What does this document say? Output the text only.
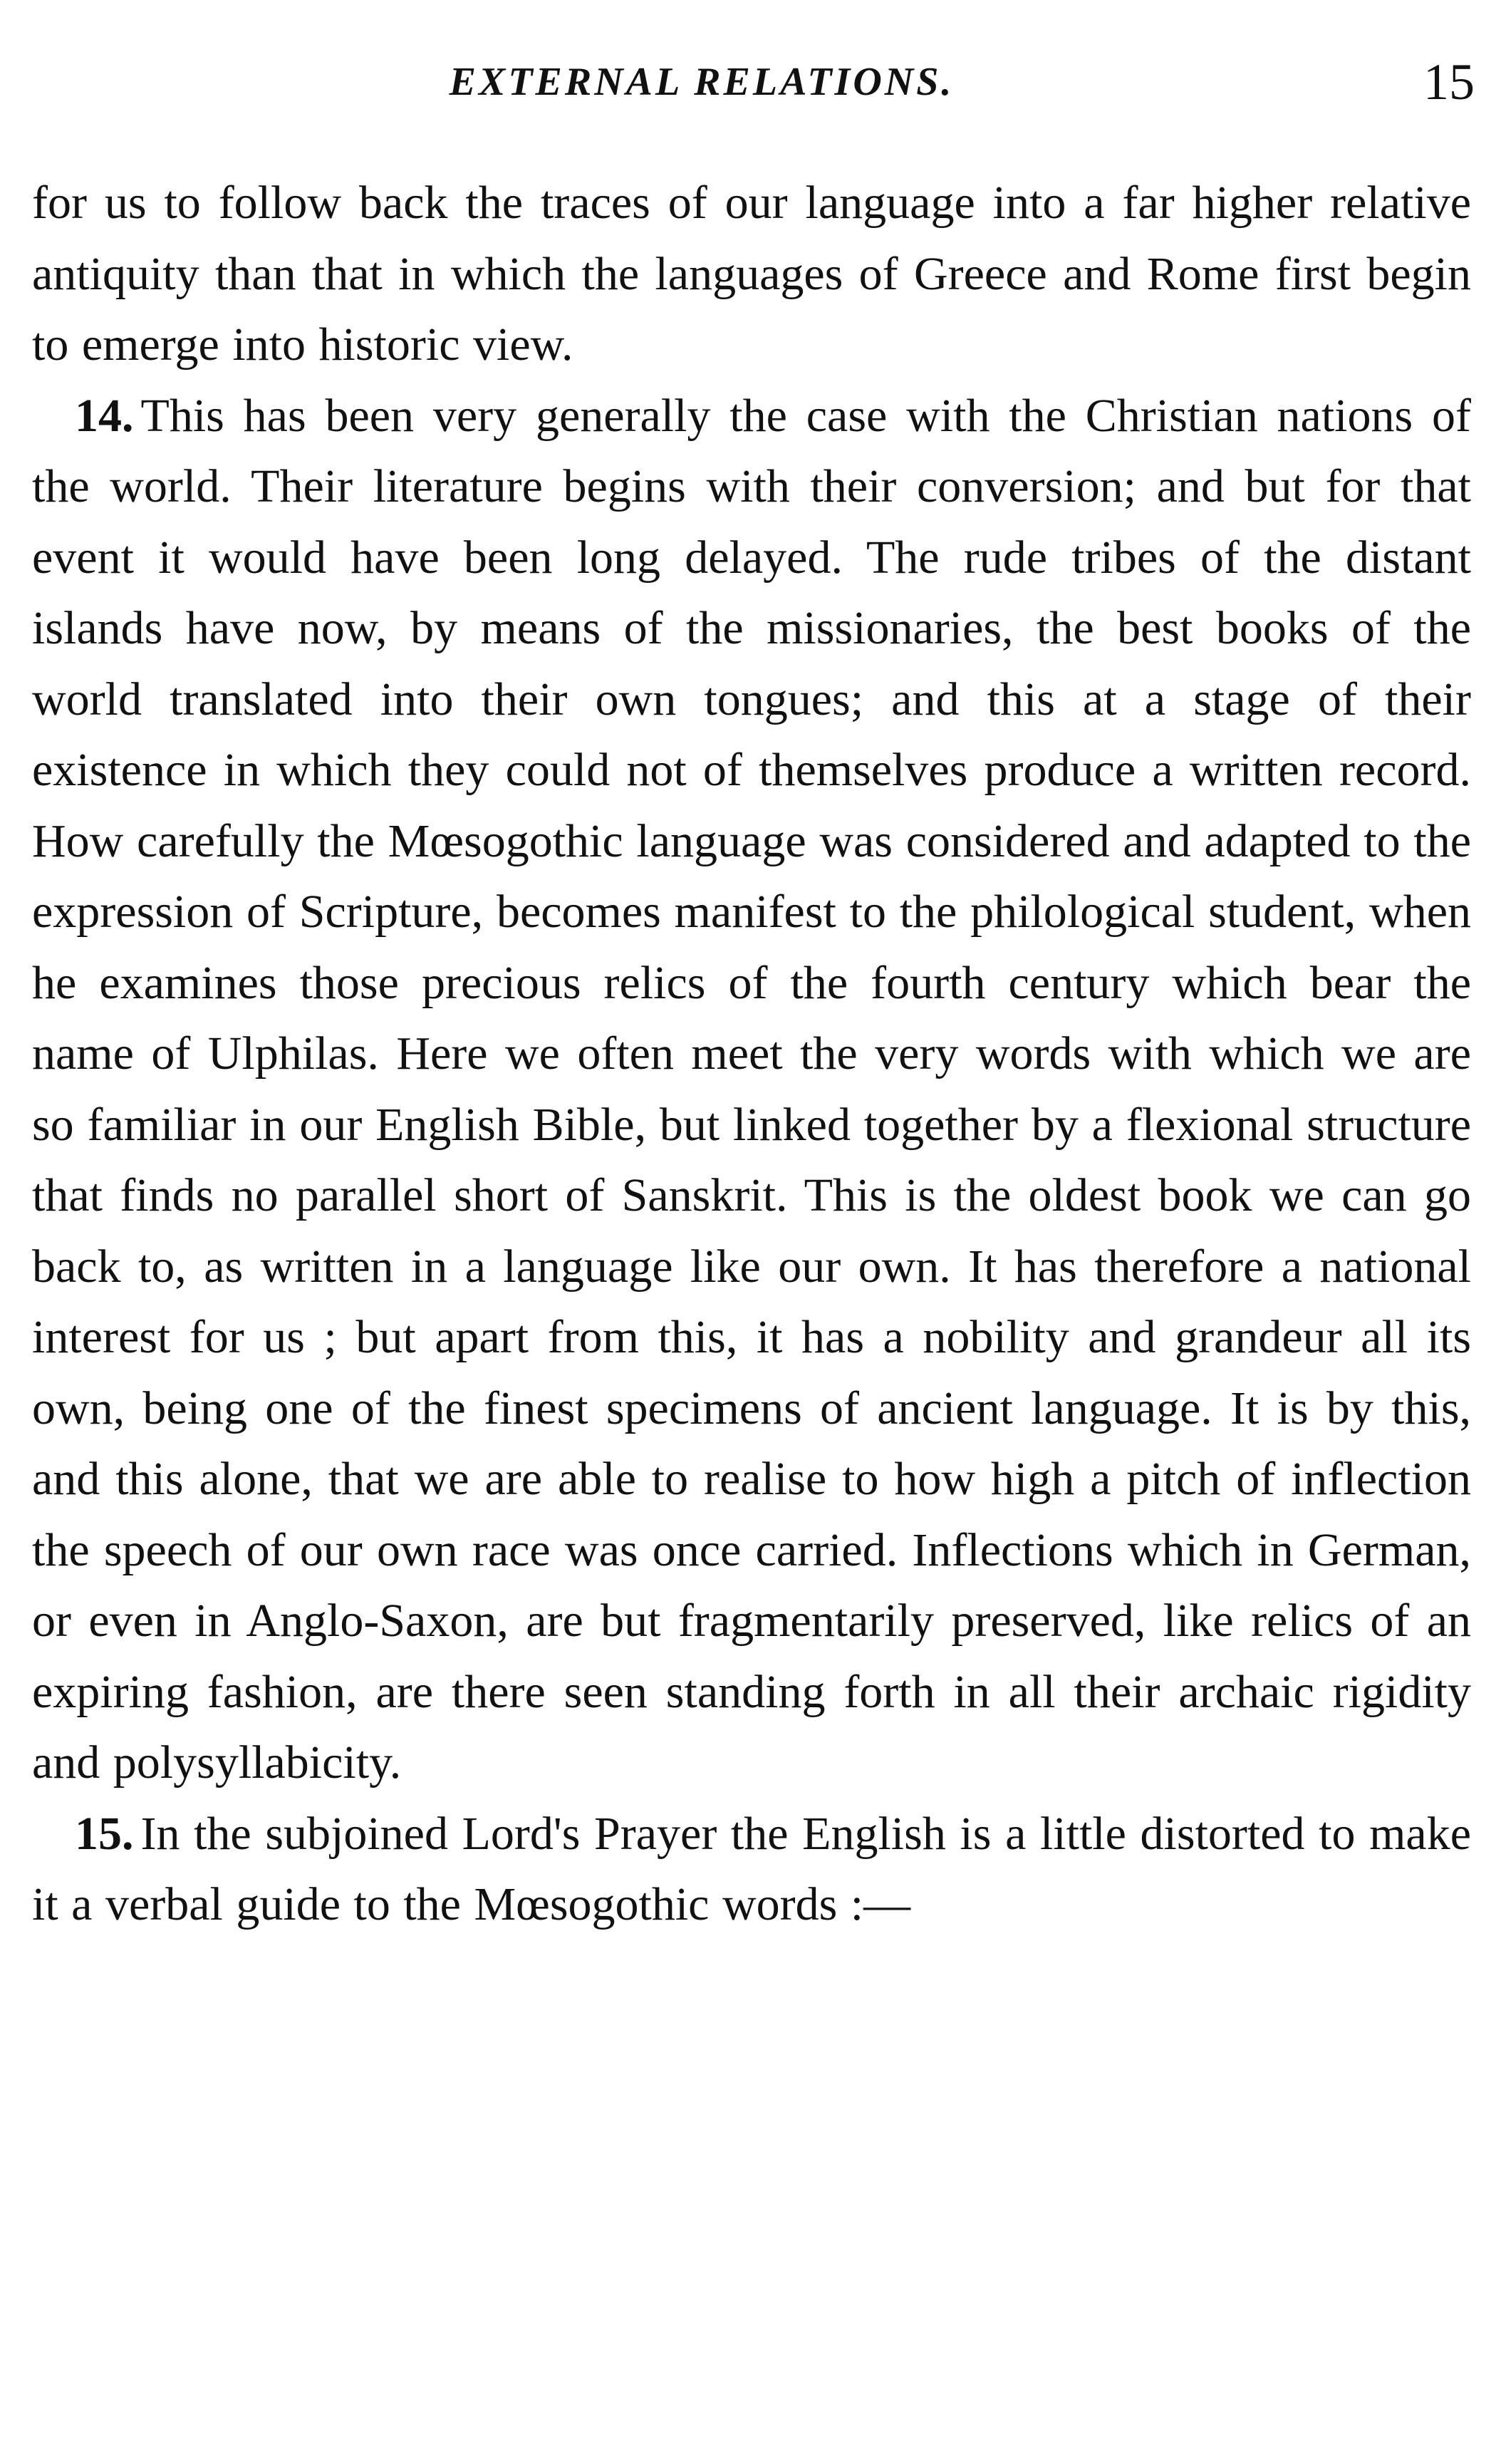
EXTERNAL RELATIONS.	15

for us to follow back the traces of our language into a far higher relative antiquity than that in which the languages of Greece and Rome first begin to emerge into historic view.

14. This has been very generally the case with the Christian nations of the world. Their literature begins with their conversion; and but for that event it would have been long delayed. The rude tribes of the distant islands have now, by means of the missionaries, the best books of the world translated into their own tongues; and this at a stage of their existence in which they could not of themselves produce a written record. How carefully the Mœsogothic language was considered and adapted to the expression of Scripture, becomes manifest to the philological student, when he examines those precious relics of the fourth century which bear the name of Ulphilas. Here we often meet the very words with which we are so familiar in our English Bible, but linked together by a flexional structure that finds no parallel short of Sanskrit. This is the oldest book we can go back to, as written in a language like our own. It has therefore a national interest for us ; but apart from this, it has a nobility and grandeur all its own, being one of the finest specimens of ancient language. It is by this, and this alone, that we are able to realise to how high a pitch of inflection the speech of our own race was once carried. Inflections which in German, or even in Anglo-Saxon, are but fragmentarily preserved, like relics of an expiring fashion, are there seen standing forth in all their archaic rigidity and polysyllabicity.

15. In the subjoined Lord's Prayer the English is a little distorted to make it a verbal guide to the Mœsogothic words :—
